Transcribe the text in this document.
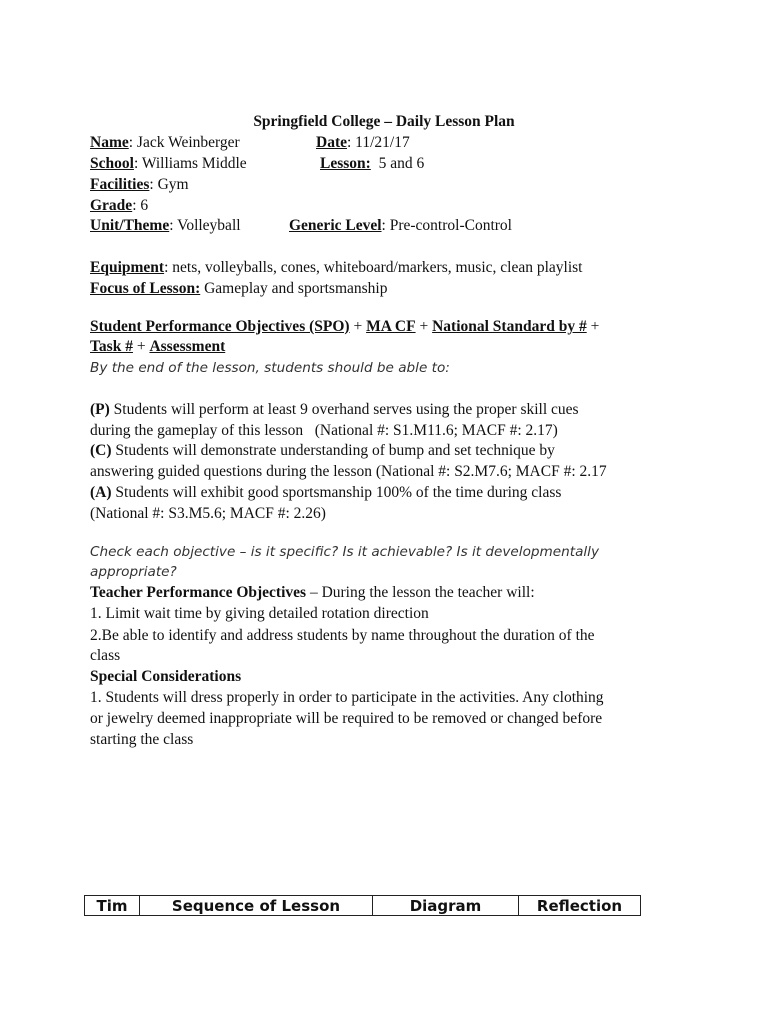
Springfield College – Daily Lesson Plan
Name: Jack Weinberger	Date: 11/21/17
School: Williams Middle	Lesson: 5 and 6
Facilities: Gym
Grade: 6
Unit/Theme: Volleyball	Generic Level: Pre-control-Control
Equipment: nets, volleyballs, cones, whiteboard/markers, music, clean playlist
Focus of Lesson: Gameplay and sportsmanship
Student Performance Objectives (SPO) + MA CF + National Standard by # +
Task # + Assessment
By the end of the lesson, students should be able to:
(P) Students will perform at least 9 overhand serves using the proper skill cues
during the gameplay of this lesson   (National #: S1.M11.6; MACF #: 2.17)
(C) Students will demonstrate understanding of bump and set technique by
answering guided questions during the lesson (National #: S2.M7.6; MACF #: 2.17
(A) Students will exhibit good sportsmanship 100% of the time during class
(National #: S3.M5.6; MACF #: 2.26)
Check each objective – is it specific? Is it achievable? Is it developmentally
appropriate?
Teacher Performance Objectives – During the lesson the teacher will:
1. Limit wait time by giving detailed rotation direction
2.Be able to identify and address students by name throughout the duration of the
class
Special Considerations
1. Students will dress properly in order to participate in the activities. Any clothing
or jewelry deemed inappropriate will be required to be removed or changed before
starting the class
Tim	Sequence of Lesson	Diagram	Reflection
